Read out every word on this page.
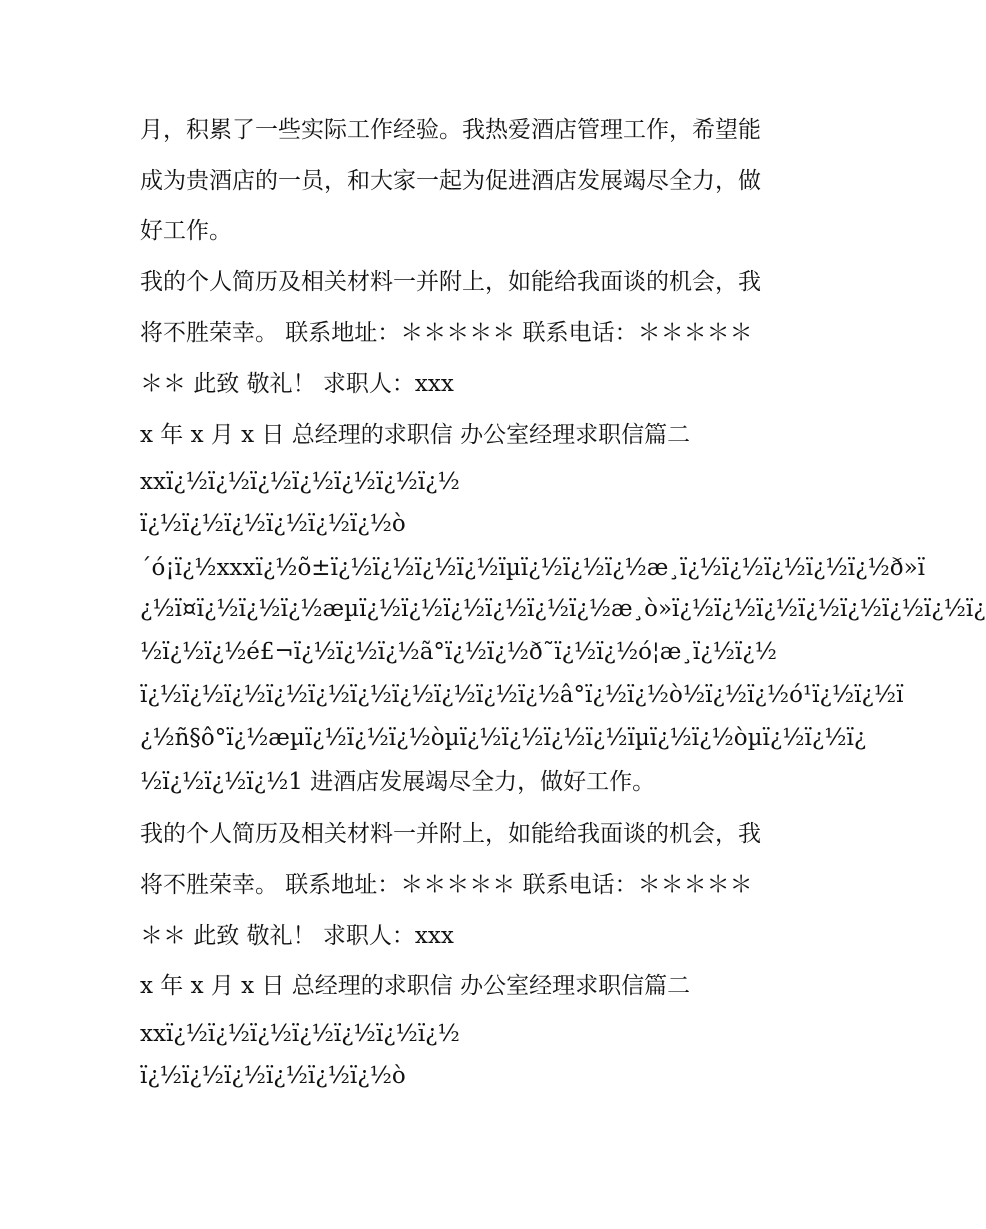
月，积累了一些实际工作经验。我热爱酒店管理工作，希望能
成为贵酒店的一员，和大家一起为促进酒店发展竭尽全力，做
好工作。
我的个人简历及相关材料一并附上，如能给我面谈的机会，我
将不胜荣幸。 联系地址：＊＊＊＊＊ 联系电话：＊＊＊＊＊
＊＊ 此致 敬礼！ 求职人：xxx
x 年 x 月 x 日 总经理的求职信 办公室经理求职信篇二
xxï¿½ï¿½ï¿½ï¿½ï¿½ï¿½ï¿½
ï¿½ï¿½ï¿½ï¿½ï¿½ï¿½ò
´ó¡ï¿½xxxï¿½õ±ï¿½ï¿½ï¿½ï¿½ïµï¿½ï¿½ï¿½æ¸ï¿½ï¿½ï¿½ï¿½ï¿½ð»ï
¿½ï¤ï¿½ï¿½ï¿½æµï¿½ï¿½ï¿½ï¿½ï¿½ï¿½æ¸ò»ï¿½ï¿½ï¿½ï¿½ï¿½ï¿½ï¿½ï¿
½ï¿½ï¿½é£¬ï¿½ï¿½ï¿½ã°ï¿½ï¿½ð˜ï¿½ï¿½ó¦æ¸ï¿½ï¿½
ï¿½ï¿½ï¿½ï¿½ï¿½ï¿½ï¿½ï¿½ï¿½ï¿½â°ï¿½ï¿½ò½ï¿½ï¿½ó¹ï¿½ï¿½ï
¿½ñ§ô°ï¿½æµï¿½ï¿½ï¿½òµï¿½ï¿½ï¿½ï¿½ïµï¿½ï¿½òµï¿½ï¿½ï¿
½ï¿½ï¿½ï¿½1 进酒店发展竭尽全力，做好工作。
我的个人简历及相关材料一并附上，如能给我面谈的机会，我
将不胜荣幸。 联系地址：＊＊＊＊＊ 联系电话：＊＊＊＊＊
＊＊ 此致 敬礼！ 求职人：xxx
x 年 x 月 x 日 总经理的求职信 办公室经理求职信篇二
xxï¿½ï¿½ï¿½ï¿½ï¿½ï¿½ï¿½
ï¿½ï¿½ï¿½ï¿½ï¿½ï¿½ò
